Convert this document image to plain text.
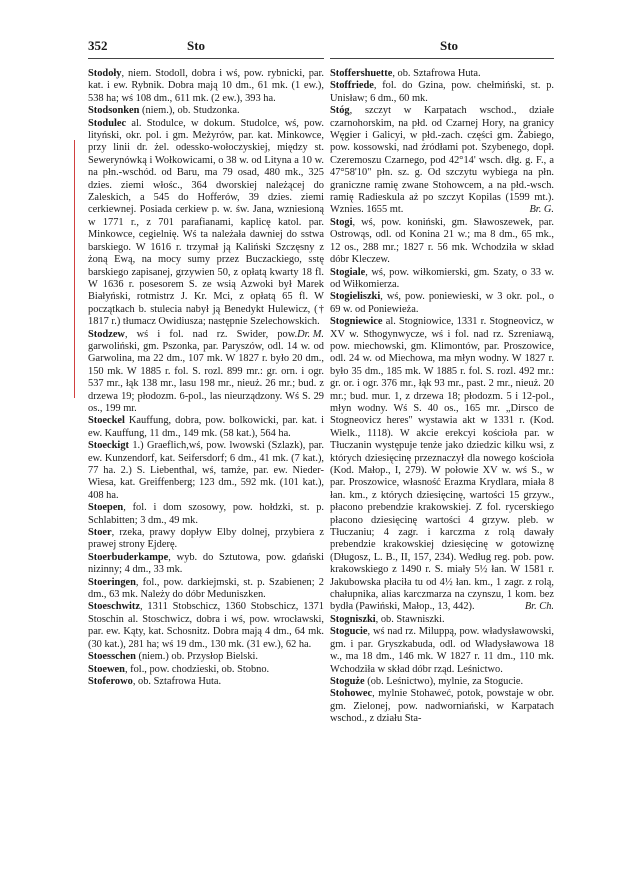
352	Sto	Sto

Stodoły, niem. Stodoll, dobra i wś, pow. rybnicki, par. kat. i ew. Rybnik. Dobra mają 10 dm., 61 mk. (1 ew.), 538 ha; wś 108 dm., 611 mk. (2 ew.), 393 ha.

Stodsonken (niem.), ob. Studzonka.

Stodulec al. Stodulce, w dokum. Studolce, wś, pow. lityński, okr. pol. i gm. Meżyrów, par. kat. Minkowce, przy linii dr. żel. odessko-wołoczyskiej, między st. Sewerynówką i Wołkowicami, o 38 w. od Lityna a 10 w. na płn.-wschód. od Baru, ma 79 osad, 480 mk., 325 dzies. ziemi włośc., 364 dworskiej należącej do Zaleskich, a 545 do Hofferów, 39 dzies. ziemi cerkiewnej. Posiada cerkiew p. w. św. Jana, wzniesioną w 1771 r., z 701 parafianami, kaplicę katol. par. Minkowce, cegielnię. Wś ta należała dawniej do sstwa barskiego. W 1616 r. trzymał ją Kaliński Szczęsny z żoną Ewą, na mocy sumy przez Buczackiego, sstę barskiego zapisanej, grzywien 50, z opłatą kwarty 18 fl. W 1636 r. posesorem S. ze wsią Azwoki był Marek Białyński, rotmistrz J. Kr. Mci, z opłatą 65 fl. W początkach b. stulecia nabył ją Benedykt Hulewicz, († 1817 r.) tłumacz Owidiusza; następnie Szelechowskich.
Dr. M.

Stodzew, wś i fol. nad rz. Swider, pow. garwoliński, gm. Pszonka, par. Paryszów, odl. 14 w. od Garwolina, ma 22 dm., 107 mk. W 1827 r. było 20 dm., 150 mk. W 1885 r. fol. S. rozl. 899 mr.: gr. orn. i ogr. 537 mr., łąk 138 mr., lasu 198 mr., nieuż. 26 mr.; bud. z drzewa 19; płodozm. 6-pol., las nieurządzony. Wś S. 29 os., 199 mr.

Stoeckel Kauffung, dobra, pow. bolkowicki, par. kat. i ew. Kauffung, 11 dm., 149 mk. (58 kat.), 564 ha.

Stoeckigt 1.) Graeflich,wś, pow. lwowski (Szlazk), par. ew. Kunzendorf, kat. Seifersdorf; 6 dm., 41 mk. (7 kat.), 77 ha. 2.) S. Liebenthal, wś, tamże, par. ew. Nieder-Wiesa, kat. Greiffenberg; 123 dm., 592 mk. (101 kat.), 408 ha.

Stoepen, fol. i dom szosowy, pow. hołdzki, st. p. Schlabitten; 3 dm., 49 mk.

Stoer, rzeka, prawy dopływ Elby dolnej, przybiera z prawej strony Ejderę.

Stoerbuderkampe, wyb. do Sztutowa, pow. gdański nizinny; 4 dm., 33 mk.

Stoeringen, fol., pow. darkiejmski, st. p. Szabienen; 2 dm., 63 mk. Należy do dóbr Meduniszken.

Stoeschwitz, 1311 Stobschicz, 1360 Stobschicz, 1371 Stoschin al. Stoschwicz, dobra i wś, pow. wrocławski, par. ew. Kąty, kat. Schosnitz. Dobra mają 4 dm., 64 mk. (30 kat.), 281 ha; wś 19 dm., 130 mk. (31 ew.), 62 ha.

Stoesschen (niem.) ob. Przysłop Bielski.

Stoewen, fol., pow. chodzieski, ob. Stobno.

Stoferowo, ob. Sztafrowa Huta.

Stoffershuette, ob. Sztafrowa Huta.

Stoffriede, fol. do Gzina, pow. chełmiński, st. p. Unisław; 6 dm., 60 mk.

Stóg, szczyt w Karpatach wschod., działe czarnohorskim, na płd. od Czarnej Hory, na granicy Węgier i Galicyi, w płd.-zach. części gm. Żabiego, pow. kossowski, nad źródłami pot. Szybenego, dopł. Czeremoszu Czarnego, pod 42°14' wsch. dłg. g. F., a 47°58'10" płn. sz. g. Od szczytu wybiega na płn. graniczne ramię zwane Stohowcem, a na płd.-wsch. ramię Radieskula aż po szczyt Kopilas (1599 mt.). Wznies. 1655 mt.	Br. G.

Stogi, wś, pow. koniński, gm. Sławoszewek, par. Ostrowąs, odl. od Konina 21 w.; ma 8 dm., 65 mk., 12 os., 288 mr.; 1827 r. 56 mk. Wchodziła w skład dóbr Kleczew.

Stogiale, wś, pow. wiłkomierski, gm. Szaty, o 33 w. od Wiłkomierza.

Stogieliszki, wś, pow. poniewieski, w 3 okr. pol., o 69 w. od Poniewieża.

Stogniewice al. Stogniowice, 1331 r. Stogneovicz, w XV w. Sthogynwycze, wś i fol. nad rz. Szreniawą, pow. miechowski, gm. Klimontów, par. Proszowice, odl. 24 w. od Miechowa, ma młyn wodny. W 1827 r. było 35 dm., 185 mk. W 1885 r. fol. S. rozl. 492 mr.: gr. or. i ogr. 376 mr., łąk 93 mr., past. 2 mr., nieuż. 20 mr.; bud. mur. 1, z drzewa 18; płodozm. 5 i 12-pol., młyn wodny. Wś S. 40 os., 165 mr. „Dirsco de Stogneovicz heres" wystawia akt w 1331 r. (Kod. Wielk., 1118). W akcie erekcyi kościoła par. w Tłuczanin występuje tenże jako dziedzic kilku wsi, z których dziesięcinę przeznaczył dla nowego kościoła (Kod. Małop., I, 279). W połowie XV w. wś S., w par. Proszowice, własność Erazma Krydlara, miała 8 łan. km., z których dziesięcinę, wartości 15 grzyw., płacono prebendzie krakowskiej. Z fol. rycerskiego płacono dziesięcinę wartości 4 grzyw. pleb. w Tłuczaniu; 4 zagr. i karczma z rolą dawały prebendzie krakowskiej dziesięcinę w gotowiznę (Długosz, L. B., II, 157, 234). Według reg. pob. pow. krakowskiego z 1490 r. S. miały 5½ łan. W 1581 r. Jakubowska płaciła tu od 4½ łan. km., 1 zagr. z rolą, chałupnika, alias karczmarza na czynszu, 1 kom. bez bydła (Pawiński, Małop., 13, 442).	Br. Ch.

Stogniszki, ob. Stawniszki.

Stogucie, wś nad rz. Miluppą, pow. władysławowski, gm. i par. Gryszkabuda, odl. od Władysławowa 18 w., ma 18 dm., 146 mk. W 1827 r. 11 dm., 110 mk. Wchodziła w skład dóbr rząd. Leśnictwo.

Stoguże (ob. Leśnictwo), mylnie, za Stogucie.

Stohowec, mylnie Stohaweć, potok, powstaje w obr. gm. Zielonej, pow. nadworniański, w Karpatach wschod., z działu Sta-
